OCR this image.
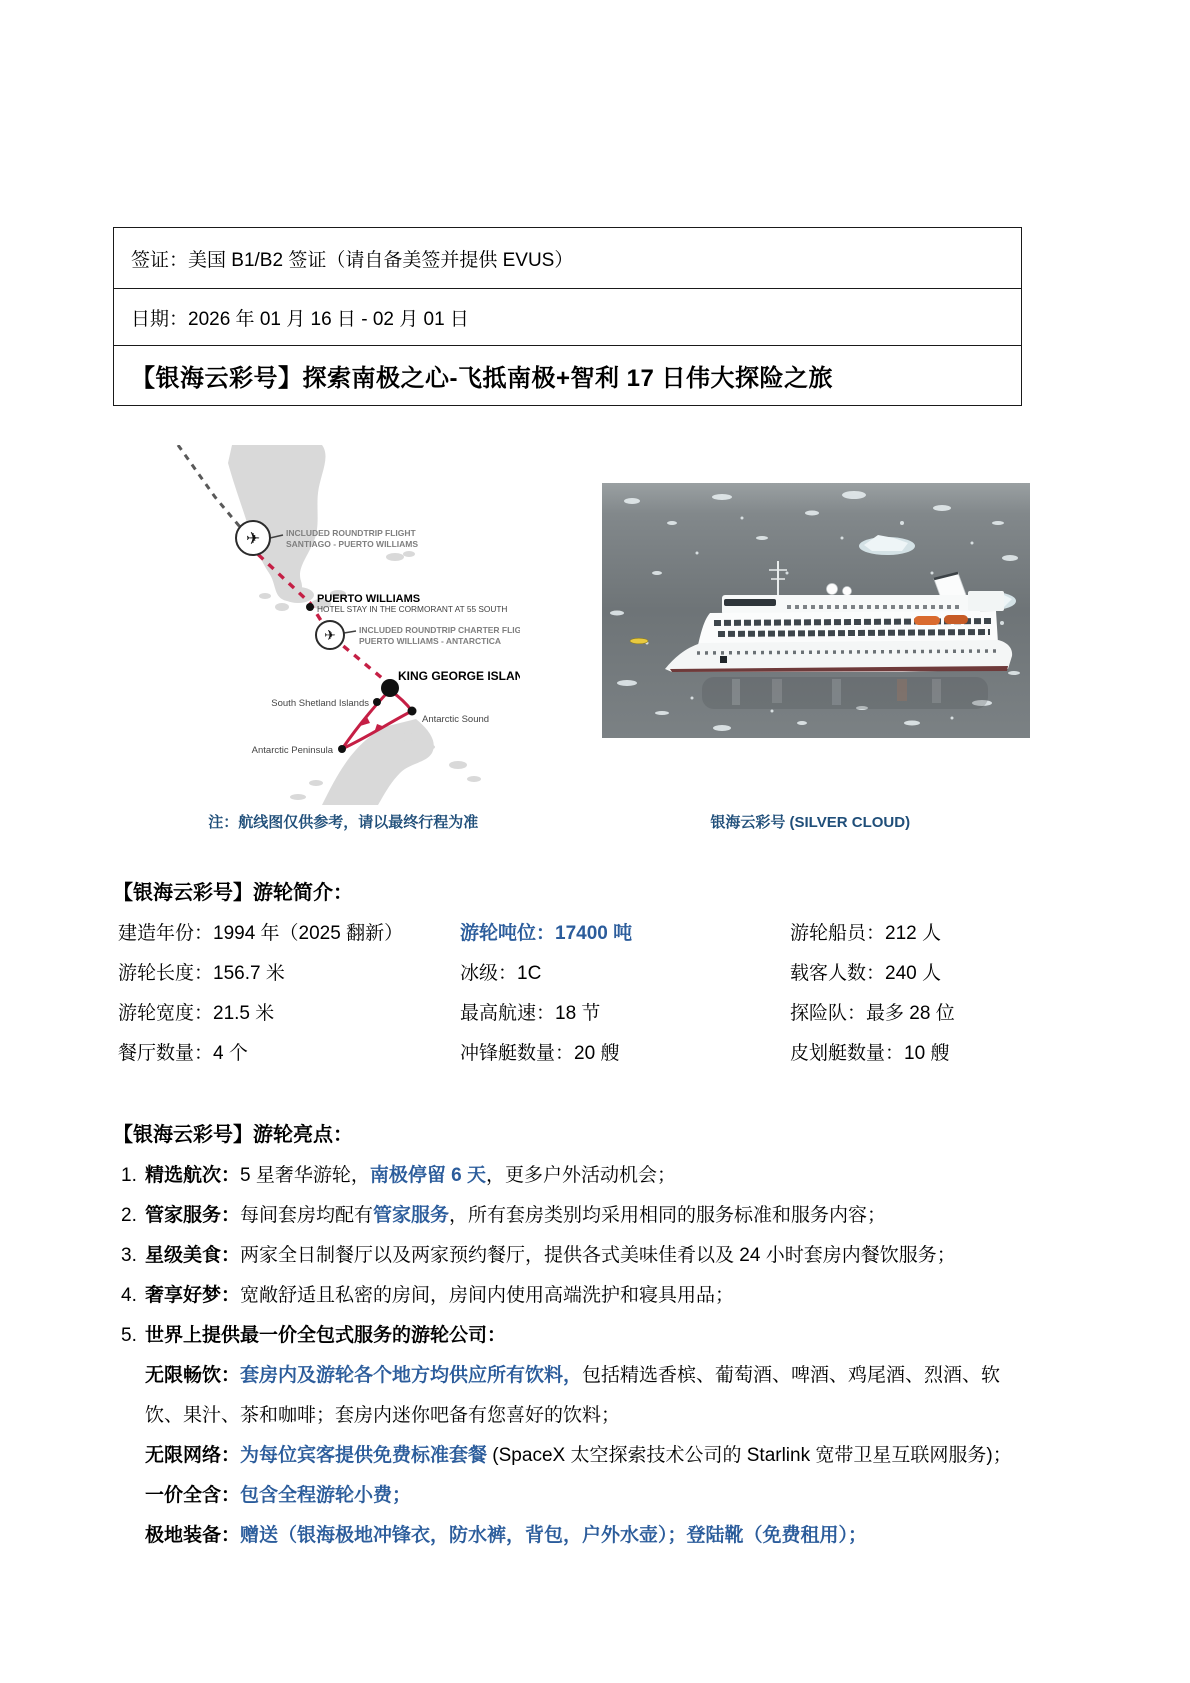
签证：美国 B1/B2 签证（请自备美签并提供 EVUS）
日期：2026 年 01 月 16 日 - 02 月 01 日
【银海云彩号】探索南极之心-飞抵南极+智利 17 日伟大探险之旅
✈
✈
INCLUDED ROUNDTRIP FLIGHT
SANTIAGO - PUERTO WILLIAMS
PUERTO WILLIAMS
HOTEL STAY IN THE CORMORANT AT 55 SOUTH
INCLUDED ROUNDTRIP CHARTER FLIGHT
PUERTO WILLIAMS - ANTARCTICA
KING GEORGE ISLAND
South Shetland Islands
Antarctic Sound
Antarctic Peninsula
注：航线图仅供参考，请以最终行程为准	银海云彩号 (SILVER CLOUD)
【银海云彩号】游轮简介：
建造年份：1994 年（2025 翻新）	游轮吨位：17400 吨	游轮船员：212 人
游轮长度：156.7 米	冰级：1C	载客人数：240 人
游轮宽度：21.5 米	最高航速：18 节	探险队：最多 28 位
餐厅数量：4 个	冲锋艇数量：20 艘	皮划艇数量：10 艘
【银海云彩号】游轮亮点：
1. 精选航次：5 星奢华游轮，南极停留 6 天，更多户外活动机会；
2. 管家服务：每间套房均配有管家服务，所有套房类别均采用相同的服务标准和服务内容；
3. 星级美食：两家全日制餐厅以及两家预约餐厅，提供各式美味佳肴以及 24 小时套房内餐饮服务；
4. 奢享好梦：宽敞舒适且私密的房间，房间内使用高端洗护和寝具用品；
5. 世界上提供最一价全包式服务的游轮公司：
无限畅饮：套房内及游轮各个地方均供应所有饮料，包括精选香槟、葡萄酒、啤酒、鸡尾酒、烈酒、软饮、果汁、茶和咖啡；套房内迷你吧备有您喜好的饮料；
无限网络：为每位宾客提供免费标准套餐 (SpaceX 太空探索技术公司的 Starlink 宽带卫星互联网服务)；
一价全含：包含全程游轮小费；
极地装备：赠送（银海极地冲锋衣，防水裤，背包，户外水壶）；登陆靴（免费租用）；
